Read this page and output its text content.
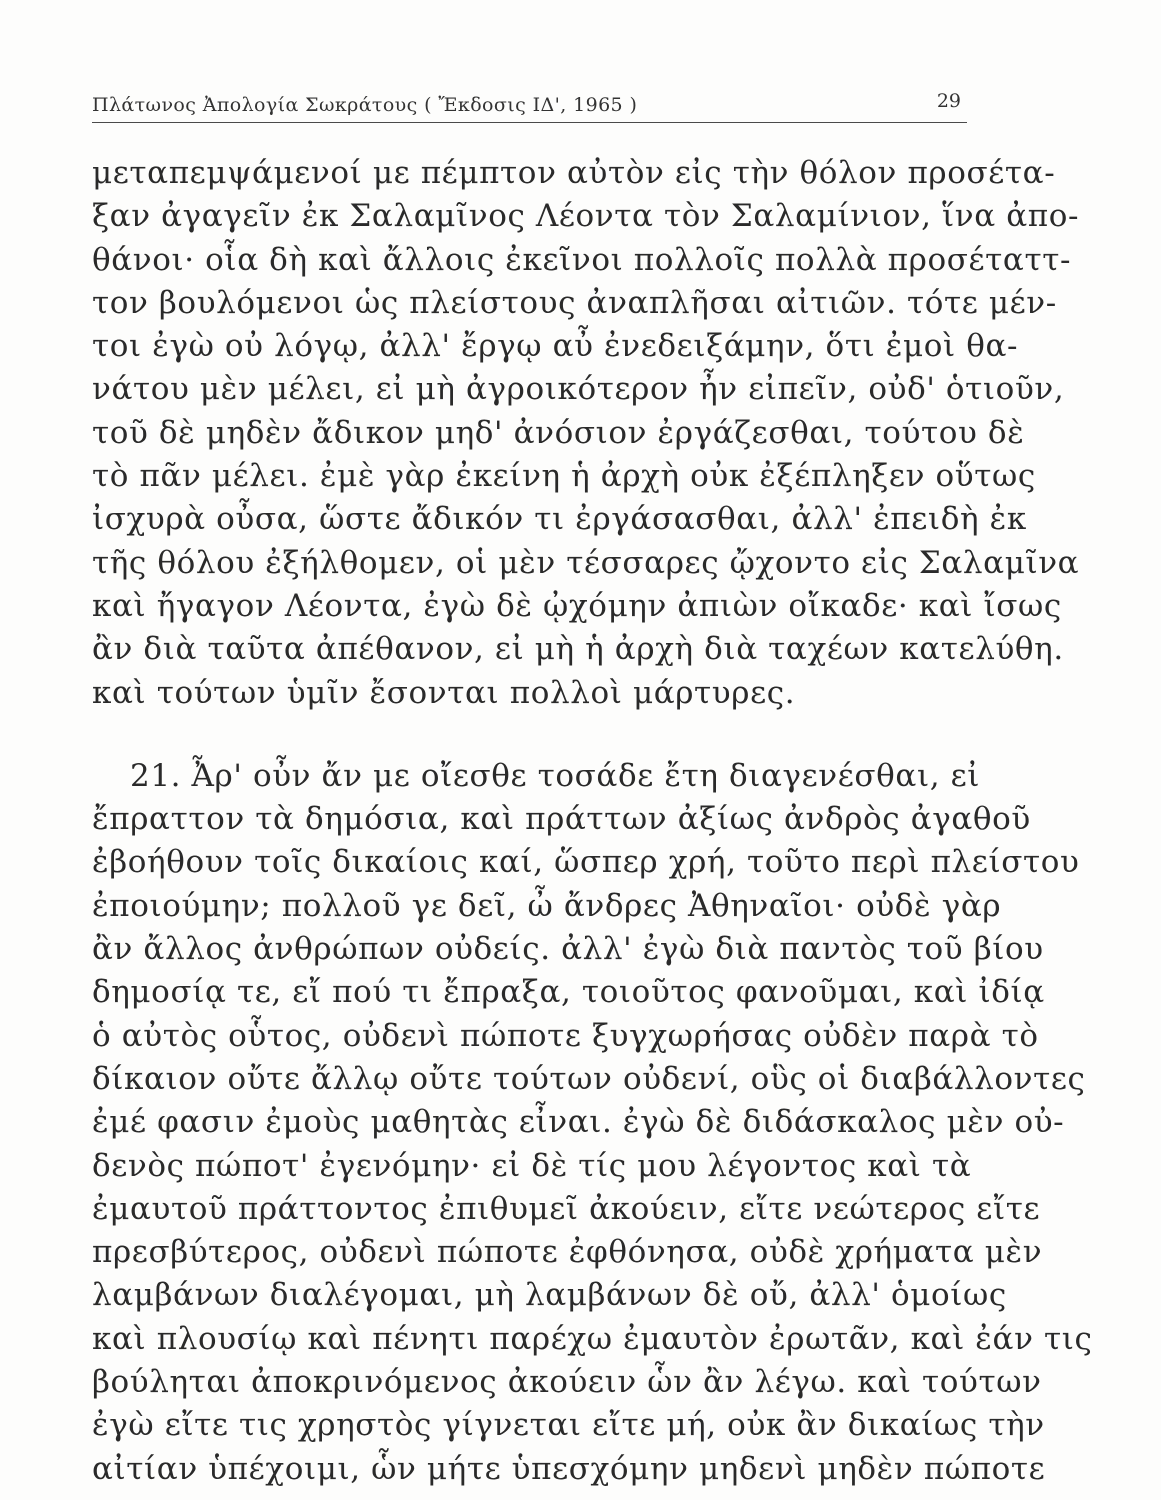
Πλάτωνος Ἀπολογία Σωκράτους ( Ἔκδοσις ΙΔ', 1965 )	29
μεταπεμψάμενοί με πέμπτον αὐτὸν εἰς τὴν θόλον προσέτα-
ξαν ἀγαγεῖν ἐκ Σαλαμῖνος Λέοντα τὸν Σαλαμίνιον, ἵνα ἀπο-
θάνοι· οἷα δὴ καὶ ἄλλοις ἐκεῖνοι πολλοῖς πολλὰ προσέταττ-
τον βουλόμενοι ὡς πλείστους ἀναπλῆσαι αἰτιῶν. τότε μέν-
τοι ἐγὼ οὐ λόγῳ, ἀλλ' ἔργῳ αὖ ἐνεδειξάμην, ὅτι ἐμοὶ θα-
νάτου μὲν μέλει, εἰ μὴ ἀγροικότερον ἦν εἰπεῖν, οὐδ' ὁτιοῦν,
τοῦ δὲ μηδὲν ἄδικον μηδ' ἀνόσιον ἐργάζεσθαι, τούτου δὲ
τὸ πᾶν μέλει. ἐμὲ γὰρ ἐκείνη ἡ ἀρχὴ οὐκ ἐξέπληξεν οὕτως
ἰσχυρὰ οὖσα, ὥστε ἄδικόν τι ἐργάσασθαι, ἀλλ' ἐπειδὴ ἐκ
τῆς θόλου ἐξήλθομεν, οἱ μὲν τέσσαρες ᾤχοντο εἰς Σαλαμῖνα
καὶ ἤγαγον Λέοντα, ἐγὼ δὲ ᾠχόμην ἀπιὼν οἴκαδε· καὶ ἴσως
ἂν διὰ ταῦτα ἀπέθανον, εἰ μὴ ἡ ἀρχὴ διὰ ταχέων κατελύθη.
καὶ τούτων ὑμῖν ἔσονται πολλοὶ μάρτυρες.
21. Ἆρ' οὖν ἄν με οἴεσθε τοσάδε ἔτη διαγενέσθαι, εἰ
ἔπραττον τὰ δημόσια, καὶ πράττων ἀξίως ἀνδρὸς ἀγαθοῦ
ἐβοήθουν τοῖς δικαίοις καί, ὥσπερ χρή, τοῦτο περὶ πλείστου
ἐποιούμην; πολλοῦ γε δεῖ, ὦ ἄνδρες Ἀθηναῖοι· οὐδὲ γὰρ
ἂν ἄλλος ἀνθρώπων οὐδείς. ἀλλ' ἐγὼ διὰ παντὸς τοῦ βίου
δημοσίᾳ τε, εἴ πού τι ἔπραξα, τοιοῦτος φανοῦμαι, καὶ ἰδίᾳ
ὁ αὐτὸς οὗτος, οὐδενὶ πώποτε ξυγχωρήσας οὐδὲν παρὰ τὸ
δίκαιον οὔτε ἄλλῳ οὔτε τούτων οὐδενί, οὓς οἱ διαβάλλοντες
ἐμέ φασιν ἐμοὺς μαθητὰς εἶναι. ἐγὼ δὲ διδάσκαλος μὲν οὐ-
δενὸς πώποτ' ἐγενόμην· εἰ δὲ τίς μου λέγοντος καὶ τὰ
ἐμαυτοῦ πράττοντος ἐπιθυμεῖ ἀκούειν, εἴτε νεώτερος εἴτε
πρεσβύτερος, οὐδενὶ πώποτε ἐφθόνησα, οὐδὲ χρήματα μὲν
λαμβάνων διαλέγομαι, μὴ λαμβάνων δὲ οὔ, ἀλλ' ὁμοίως
καὶ πλουσίῳ καὶ πένητι παρέχω ἐμαυτὸν ἐρωτᾶν, καὶ ἐάν τις
βούληται ἀποκρινόμενος ἀκούειν ὧν ἂν λέγω. καὶ τούτων
ἐγὼ εἴτε τις χρηστὸς γίγνεται εἴτε μή, οὐκ ἂν δικαίως τὴν
αἰτίαν ὑπέχοιμι, ὧν μήτε ὑπεσχόμην μηδενὶ μηδὲν πώποτε
